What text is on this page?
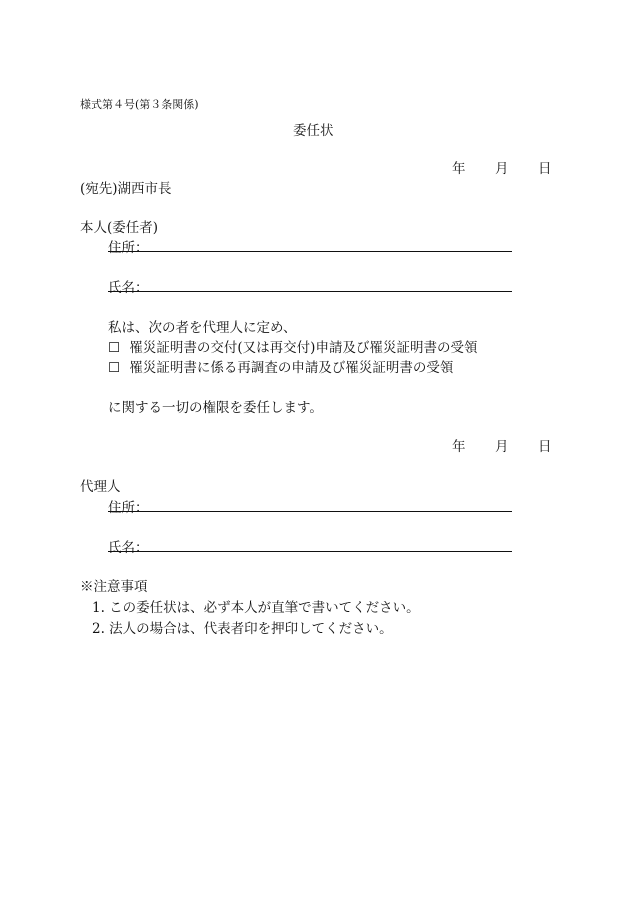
様式第４号(第３条関係)
委任状
年 月 日
(宛先)湖西市長
本人(委任者)
住所：
氏名：
私は、次の者を代理人に定め、
☐ 罹災証明書の交付(又は再交付)申請及び罹災証明書の受領
☐ 罹災証明書に係る再調査の申請及び罹災証明書の受領
に関する一切の権限を委任します。
年 月 日
代理人
住所：
氏名：
※注意事項
1. この委任状は、必ず本人が直筆で書いてください。
2. 法人の場合は、代表者印を押印してください。
